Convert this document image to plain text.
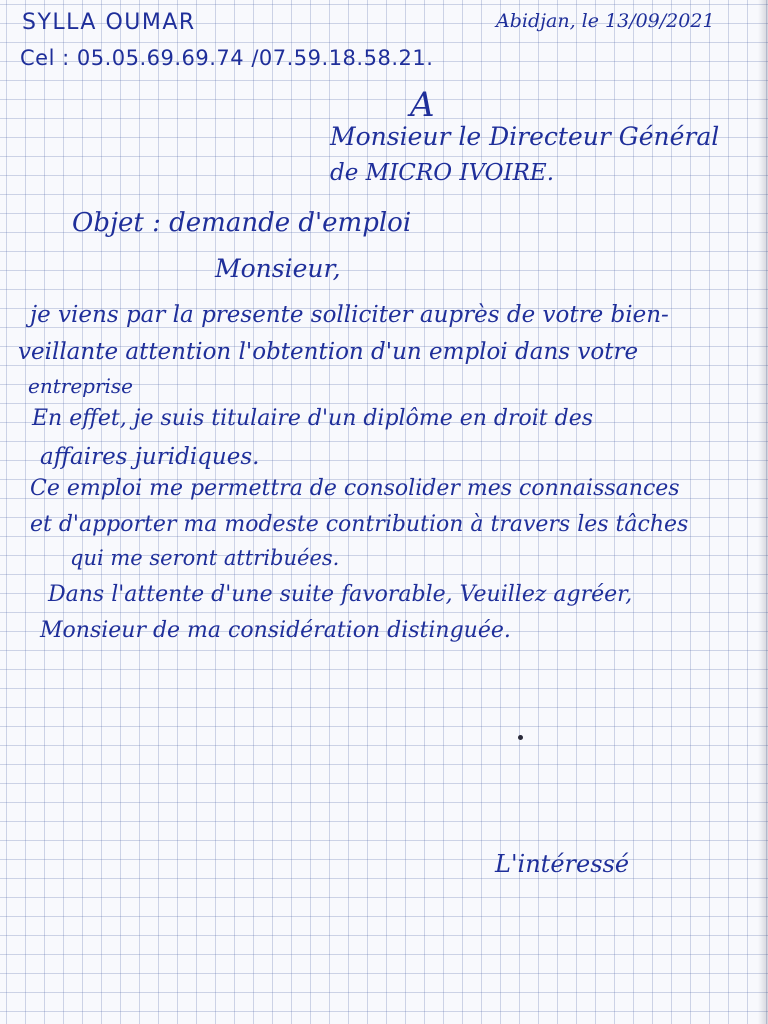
SYLLA OUMAR

Cel : 05.05.69.69.74 /07.59.18.58.21.

Abidjan, le 13/09/2021

A

Monsieur le Directeur Général

de MICRO IVOIRE.

Objet : demande d'emploi

Monsieur,

je viens par la presente solliciter auprès de votre bien-

veillante attention l'obtention d'un emploi dans votre

entreprise

En effet, je suis titulaire d'un diplôme en droit des

affaires juridiques.

Ce emploi me permettra de consolider mes connaissances

et d'apporter ma modeste contribution à travers les tâches

qui me seront attribuées.

Dans l'attente d'une suite favorable, Veuillez agréer,

Monsieur de ma considération distinguée.

L'intéressé
